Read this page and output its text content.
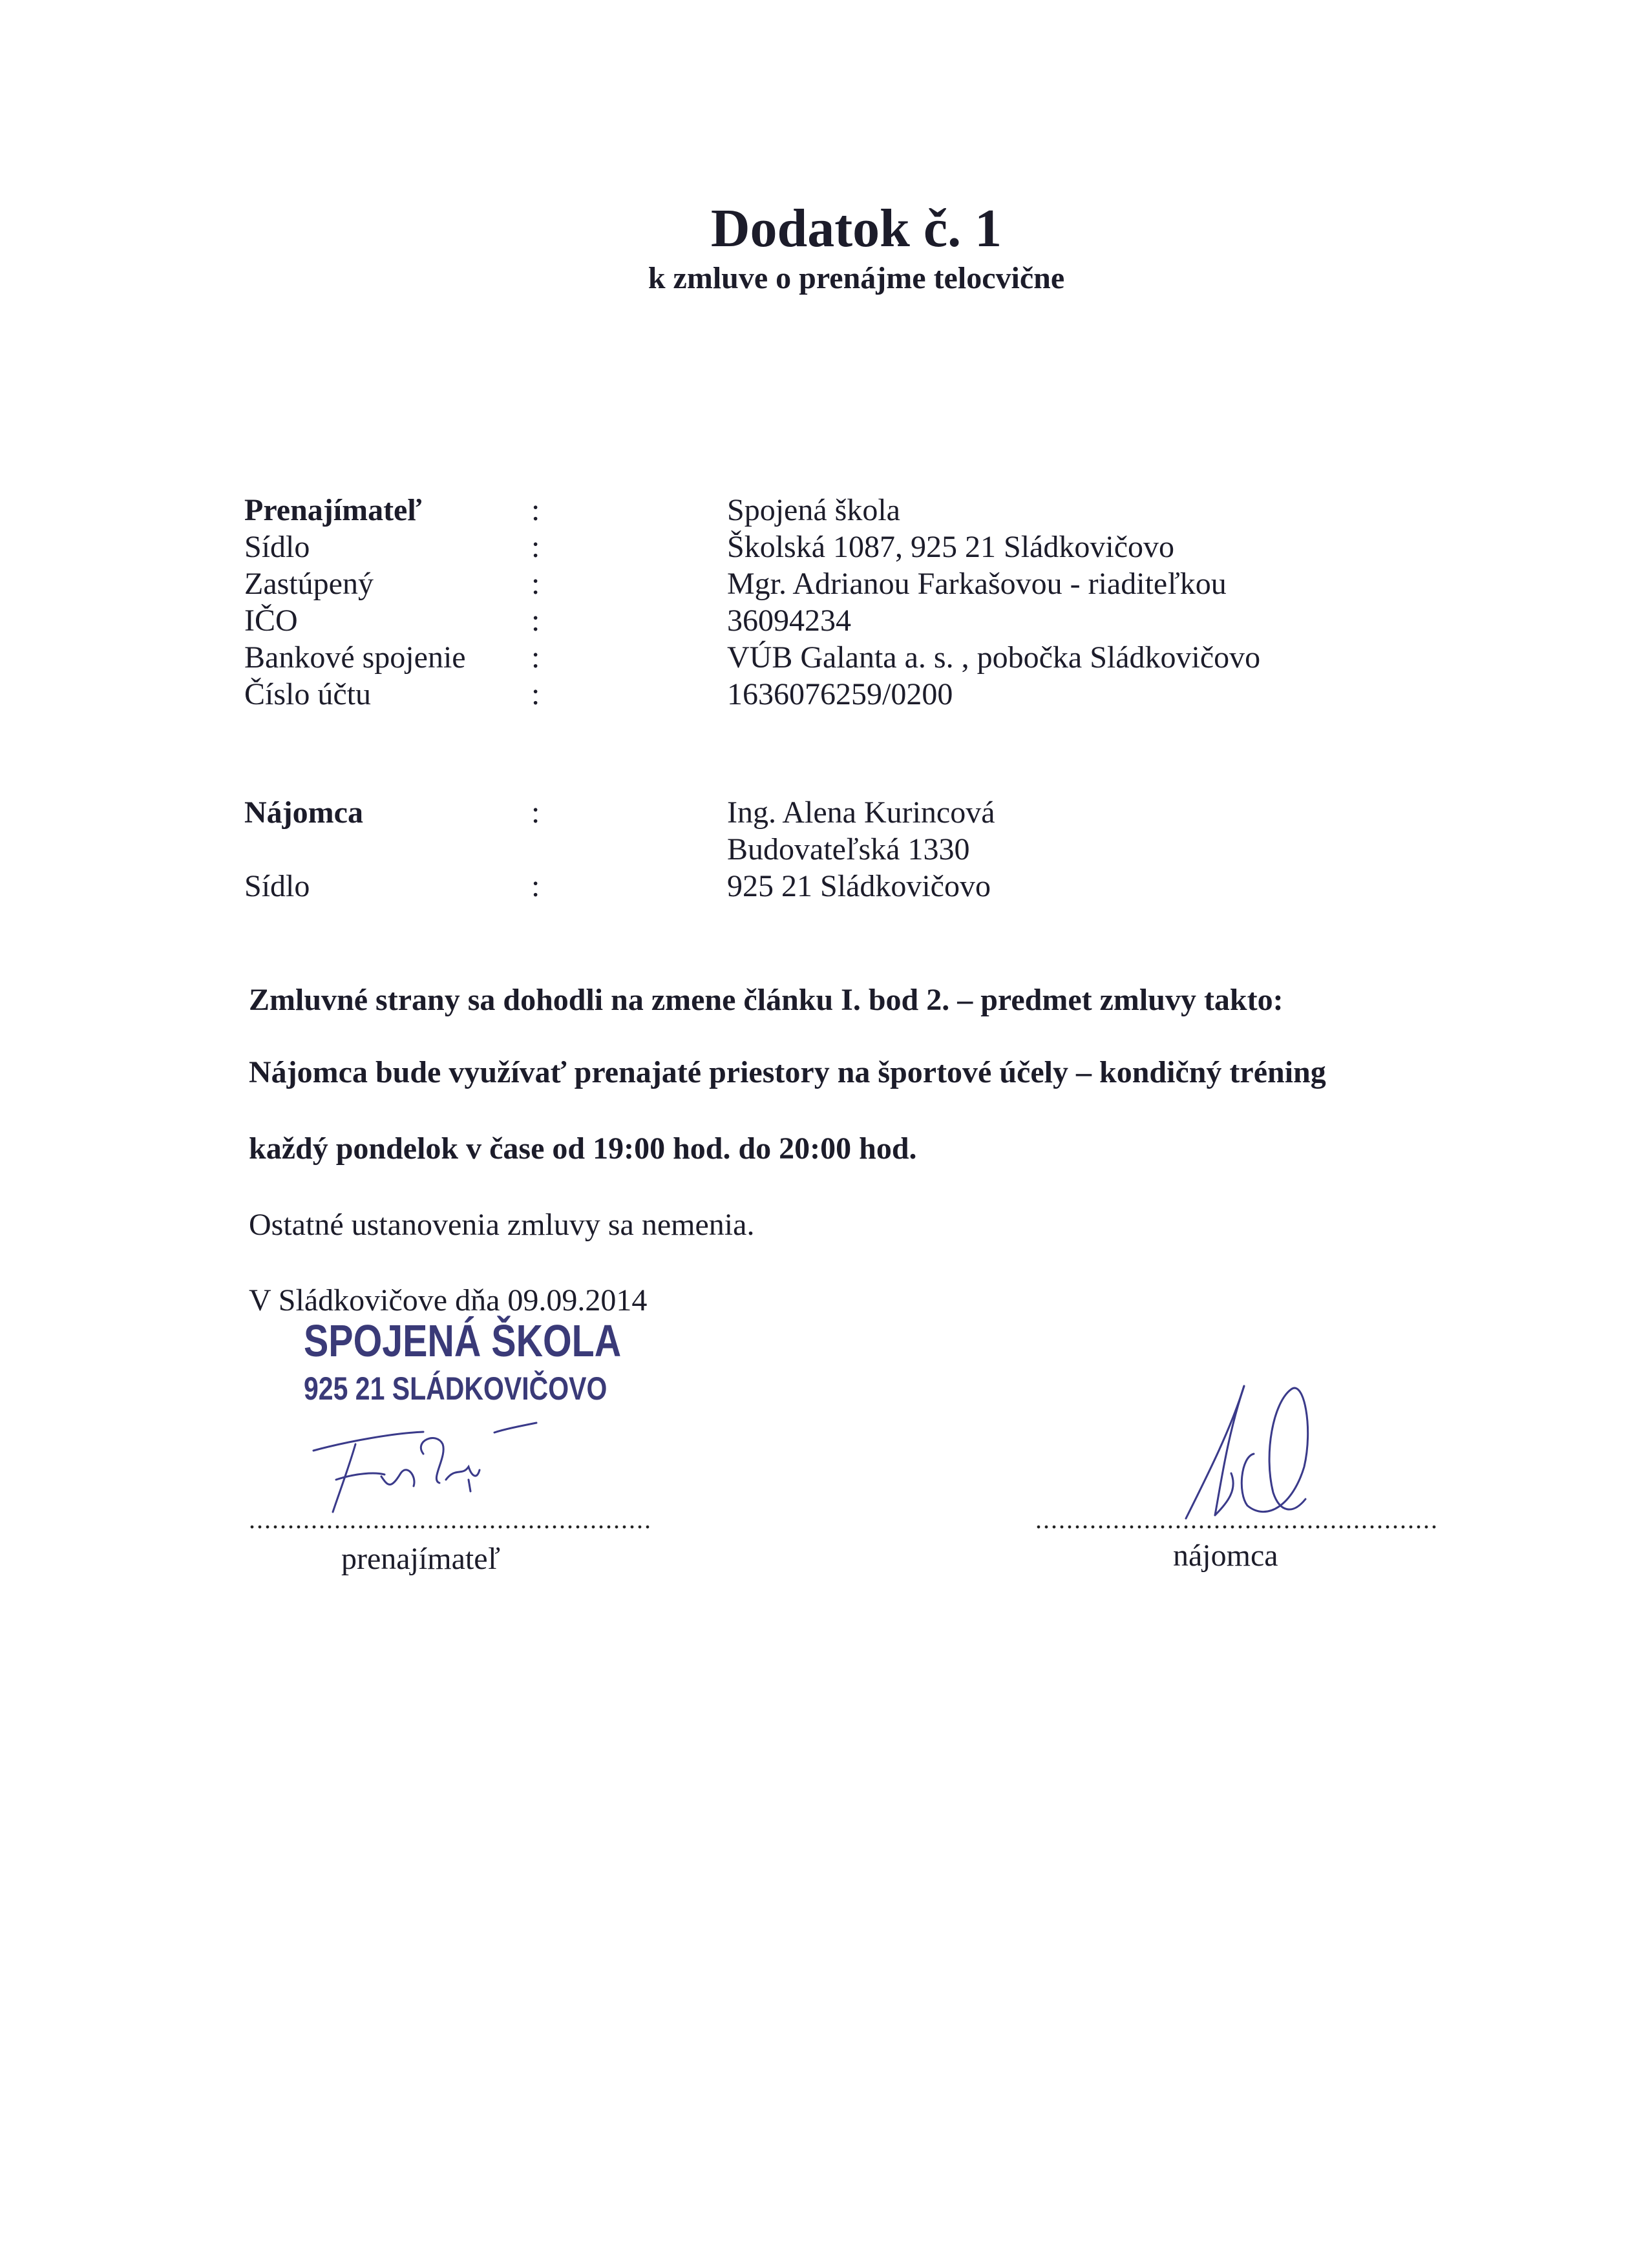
Dodatok č. 1
k zmluve o prenájme telocvične
Prenajímateľ	:	Spojená škola
Sídlo	:	Školská 1087, 925 21 Sládkovičovo
Zastúpený	:	Mgr. Adrianou Farkašovou - riaditeľkou
IČO	:	36094234
Bankové spojenie :	VÚB Galanta a. s. , pobočka Sládkovičovo
Číslo účtu	:	1636076259/0200
Nájomca	:	Ing. Alena Kurincová
Budovateľská 1330
Sídlo	:	925 21 Sládkovičovo
Zmluvné strany sa dohodli na zmene článku I. bod 2. – predmet zmluvy takto:
Nájomca bude využívať prenajaté priestory na športové účely – kondičný tréning
každý pondelok v čase od 19:00 hod. do 20:00 hod.
Ostatné ustanovenia zmluvy sa nemenia.
V Sládkovičove dňa 09.09.2014
SPOJENÁ ŠKOLA
925 21 SLÁDKOVIČOVO
....................................................	....................................................
prenajímateľ	nájomca
